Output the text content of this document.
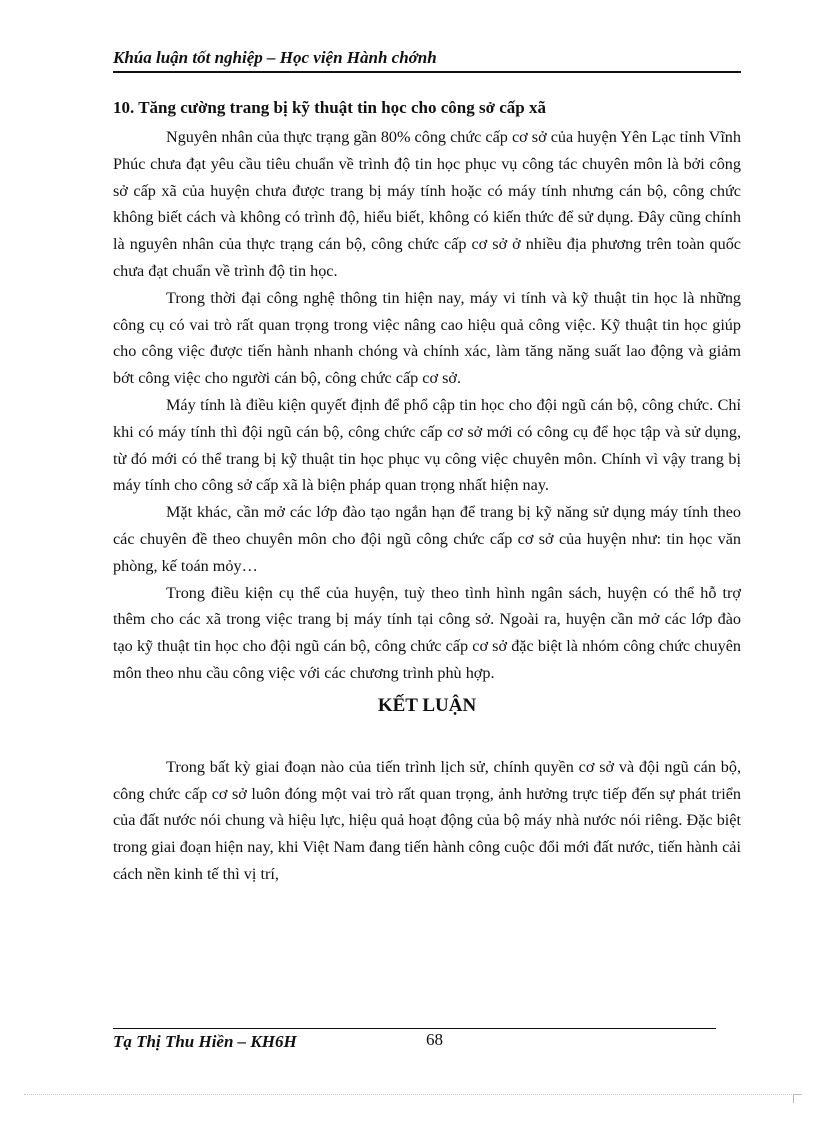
Khúa luận tốt nghiệp – Học viện Hành chớnh
10. Tăng cường trang bị kỹ thuật tin học cho công sở cấp xã

Nguyên nhân của thực trạng gần 80% công chức cấp cơ sở của huyện Yên Lạc tỉnh Vĩnh Phúc chưa đạt yêu cầu tiêu chuẩn về trình độ tin học phục vụ công tác chuyên môn là bởi công sở cấp xã của huyện chưa được trang bị máy tính hoặc có máy tính nhưng cán bộ, công chức không biết cách và không có trình độ, hiểu biết, không có kiến thức để sử dụng. Đây cũng chính là nguyên nhân của thực trạng cán bộ, công chức cấp cơ sở ở nhiều địa phương trên toàn quốc chưa đạt chuẩn về trình độ tin học.

Trong thời đại công nghệ thông tin hiện nay, máy vi tính và kỹ thuật tin học là những công cụ có vai trò rất quan trọng trong việc nâng cao hiệu quả công việc. Kỹ thuật tin học giúp cho công việc được tiến hành nhanh chóng và chính xác, làm tăng năng suất lao động và giảm bớt công việc cho người cán bộ, công chức cấp cơ sở.

Máy tính là điều kiện quyết định để phổ cập tin học cho đội ngũ cán bộ, công chức. Chỉ khi có máy tính thì đội ngũ cán bộ, công chức cấp cơ sở mới có công cụ để học tập và sử dụng, từ đó mới có thể trang bị kỹ thuật tin học phục vụ công việc chuyên môn. Chính vì vậy trang bị máy tính cho công sở cấp xã là biện pháp quan trọng nhất hiện nay.

Mặt khác, cần mở các lớp đào tạo ngắn hạn để trang bị kỹ năng sử dụng máy tính theo các chuyên đề theo chuyên môn cho đội ngũ công chức cấp cơ sở của huyện như: tin học văn phòng, kế toán mỏy…

Trong điều kiện cụ thể của huyện, tuỳ theo tình hình ngân sách, huyện có thể hỗ trợ thêm cho các xã trong việc trang bị máy tính tại công sở. Ngoài ra, huyện cần mở các lớp đào tạo kỹ thuật tin học cho đội ngũ cán bộ, công chức cấp cơ sở đặc biệt là nhóm công chức chuyên môn theo nhu cầu công việc với các chương trình phù hợp.

KẾT LUẬN

Trong bất kỳ giai đoạn nào của tiến trình lịch sử, chính quyền cơ sở và đội ngũ cán bộ, công chức cấp cơ sở luôn đóng một vai trò rất quan trọng, ảnh hưởng trực tiếp đến sự phát triển của đất nước nói chung và hiệu lực, hiệu quả hoạt động của bộ máy nhà nước nói riêng. Đặc biệt trong giai đoạn hiện nay, khi Việt Nam đang tiến hành công cuộc đổi mới đất nước, tiến hành cải cách nền kinh tế thì vị trí,

Tạ Thị Thu Hiền – KH6H	68
